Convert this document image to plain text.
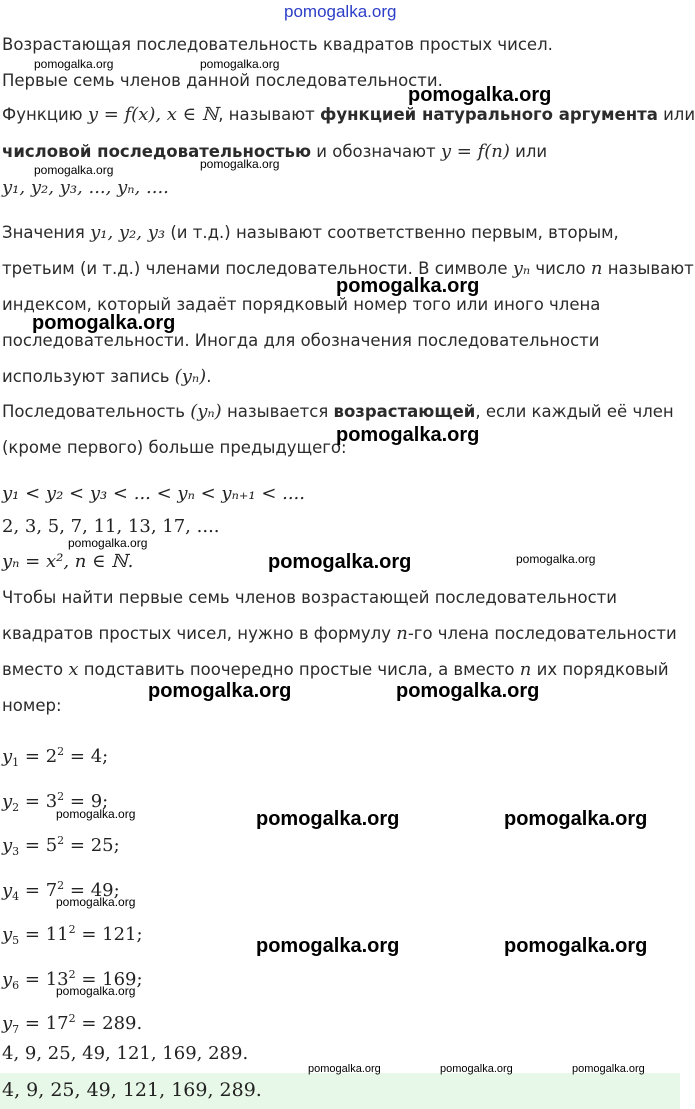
pomogalka.org
Возрастающая последовательность квадратов простых чисел.
Первые семь членов данной последовательности.
Функцию y = f(x), x ∈ ℕ, называют функцией натурального аргумента или
числовой последовательностью и обозначают y = f(n) или
y₁, y₂, y₃, ..., yₙ, ....
Значения y₁, y₂, y₃ (и т.д.) называют соответственно первым, вторым,
третьим (и т.д.) членами последовательности. В символе yₙ число n называют
индексом, который задаёт порядковый номер того или иного члена
последовательности. Иногда для обозначения последовательности
используют запись (yₙ).
Последовательность (yₙ) называется возрастающей, если каждый её член
(кроме первого) больше предыдущего:
y₁ < y₂ < y₃ < ... < yₙ < yₙ₊₁ < ....
2, 3, 5, 7, 11, 13, 17, ....
yₙ = x², n ∈ ℕ.
Чтобы найти первые семь членов возрастающей последовательности
квадратов простых чисел, нужно в формулу n-го члена последовательности
вместо x подставить поочередно простые числа, а вместо n их порядковый
номер:
$y_1 = 2^2 = 4$;
$y_2 = 3^2 = 9$;
$y_3 = 5^2 = 25$;
$y_4 = 7^2 = 49$;
$y_5 = 11^2 = 121$;
$y_6 = 13^2 = 169$;
$y_7 = 17^2 = 289$.
4, 9, 25, 49, 121, 169, 289.
4, 9, 25, 49, 121, 169, 289.
pomogalka.org	pomogalka.org
pomogalka.org
pomogalka.org	pomogalka.org
pomogalka.org
pomogalka.org
pomogalka.org
pomogalka.org
pomogalka.org	pomogalka.org
pomogalka.org	pomogalka.org
pomogalka.org	pomogalka.org	pomogalka.org
pomogalka.org
pomogalka.org	pomogalka.org
pomogalka.org
pomogalka.org	pomogalka.org	pomogalka.org
